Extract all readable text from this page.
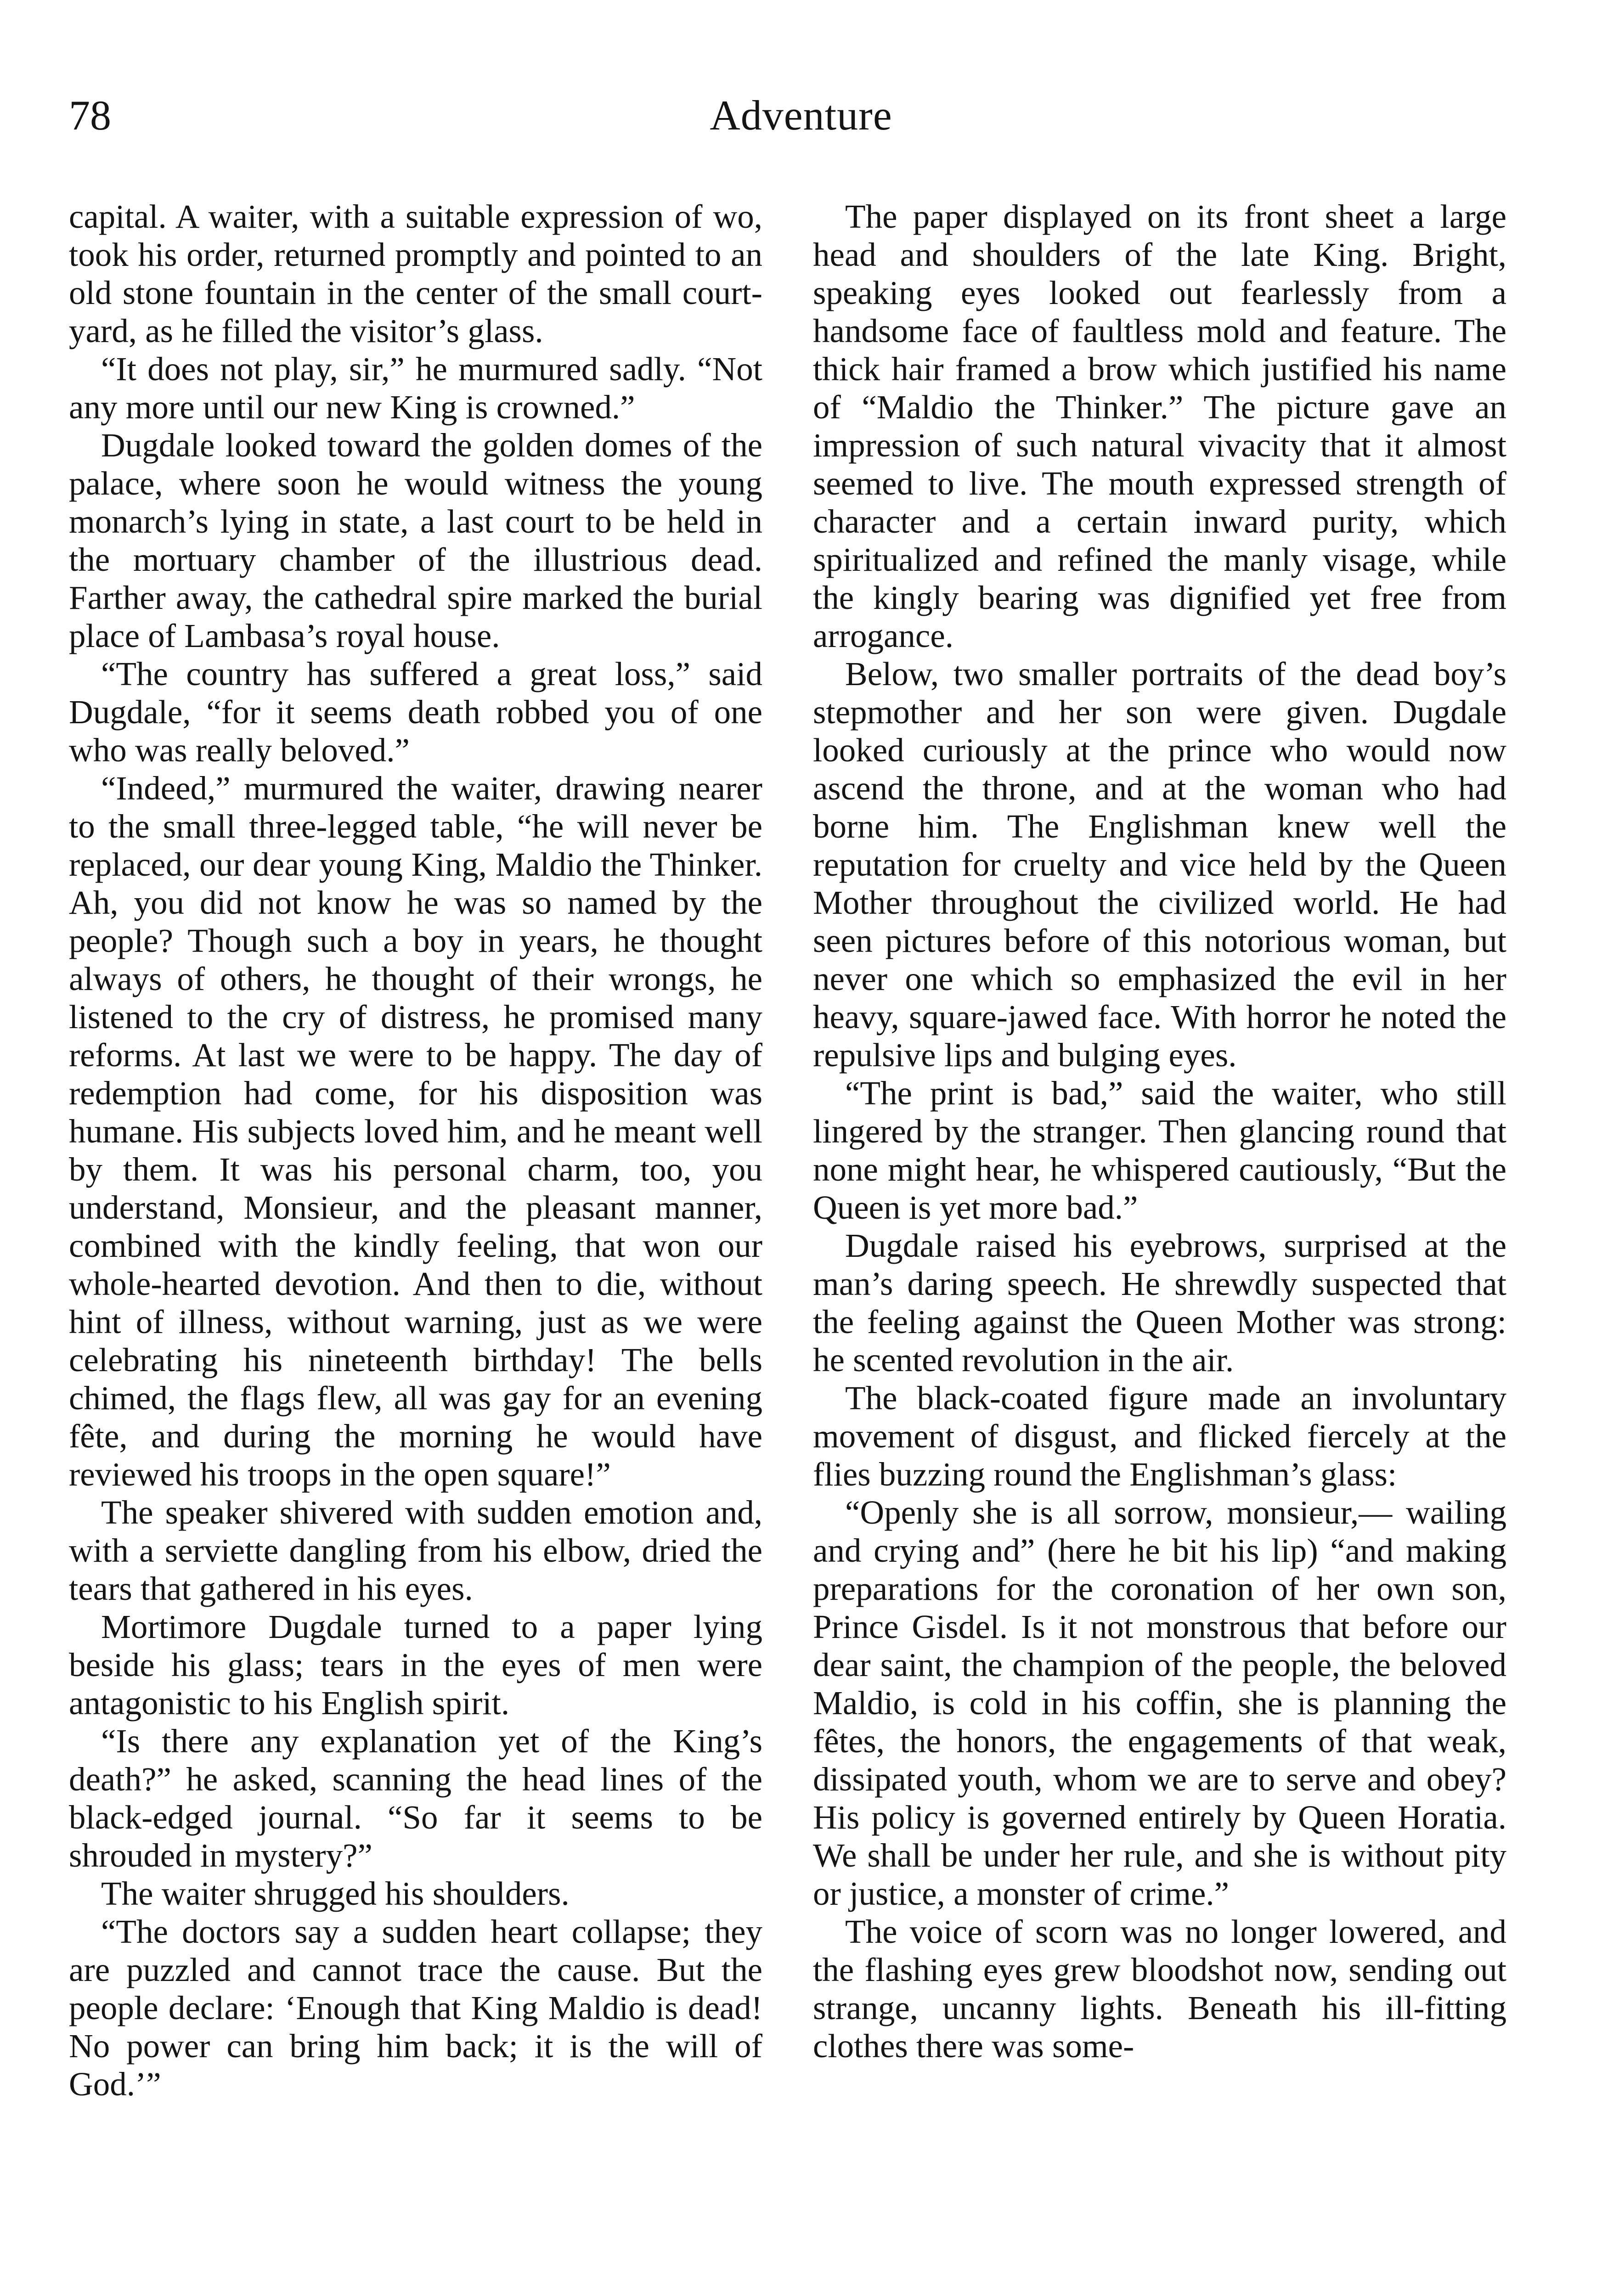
78	Adventure

capital. A waiter, with a suitable expression of wo, took his order, returned promptly and pointed to an old stone fountain in the center of the small court-yard, as he filled the visitor’s glass.

“It does not play, sir,” he murmured sadly. “Not any more until our new King is crowned.”

Dugdale looked toward the golden domes of the palace, where soon he would witness the young monarch’s lying in state, a last court to be held in the mortuary chamber of the illustrious dead. Farther away, the cathedral spire marked the burial place of Lambasa’s royal house.

“The country has suffered a great loss,” said Dugdale, “for it seems death robbed you of one who was really beloved.”

“Indeed,” murmured the waiter, drawing nearer to the small three-legged table, “he will never be replaced, our dear young King, Maldio the Thinker. Ah, you did not know he was so named by the people? Though such a boy in years, he thought always of others, he thought of their wrongs, he listened to the cry of distress, he promised many reforms. At last we were to be happy. The day of redemption had come, for his disposition was humane. His subjects loved him, and he meant well by them. It was his personal charm, too, you understand, Monsieur, and the pleasant manner, combined with the kindly feeling, that won our whole-hearted devotion. And then to die, without hint of illness, without warning, just as we were celebrating his nineteenth birthday! The bells chimed, the flags flew, all was gay for an evening fête, and during the morning he would have reviewed his troops in the open square!”

The speaker shivered with sudden emotion and, with a serviette dangling from his elbow, dried the tears that gathered in his eyes.

Mortimore Dugdale turned to a paper lying beside his glass; tears in the eyes of men were antagonistic to his English spirit.

“Is there any explanation yet of the King’s death?” he asked, scanning the head lines of the black-edged journal. “So far it seems to be shrouded in mystery?”

The waiter shrugged his shoulders.

“The doctors say a sudden heart collapse; they are puzzled and cannot trace the cause. But the people declare: ‘Enough that King Maldio is dead! No power can bring him back; it is the will of God.’”

The paper displayed on its front sheet a large head and shoulders of the late King. Bright, speaking eyes looked out fearlessly from a handsome face of faultless mold and feature. The thick hair framed a brow which justified his name of “Maldio the Thinker.” The picture gave an impression of such natural vivacity that it almost seemed to live. The mouth expressed strength of character and a certain inward purity, which spiritualized and refined the manly visage, while the kingly bearing was dignified yet free from arrogance.

Below, two smaller portraits of the dead boy’s stepmother and her son were given. Dugdale looked curiously at the prince who would now ascend the throne, and at the woman who had borne him. The Englishman knew well the reputation for cruelty and vice held by the Queen Mother throughout the civilized world. He had seen pictures before of this notorious woman, but never one which so emphasized the evil in her heavy, square-jawed face. With horror he noted the repulsive lips and bulging eyes.

“The print is bad,” said the waiter, who still lingered by the stranger. Then glancing round that none might hear, he whispered cautiously, “But the Queen is yet more bad.”

Dugdale raised his eyebrows, surprised at the man’s daring speech. He shrewdly suspected that the feeling against the Queen Mother was strong: he scented revolution in the air.

The black-coated figure made an involuntary movement of disgust, and flicked fiercely at the flies buzzing round the Englishman’s glass:

“Openly she is all sorrow, monsieur,— wailing and crying and” (here he bit his lip) “and making preparations for the coronation of her own son, Prince Gisdel. Is it not monstrous that before our dear saint, the champion of the people, the beloved Maldio, is cold in his coffin, she is planning the fêtes, the honors, the engagements of that weak, dissipated youth, whom we are to serve and obey? His policy is governed entirely by Queen Horatia. We shall be under her rule, and she is without pity or justice, a monster of crime.”

The voice of scorn was no longer lowered, and the flashing eyes grew bloodshot now, sending out strange, uncanny lights. Beneath his ill-fitting clothes there was some-
